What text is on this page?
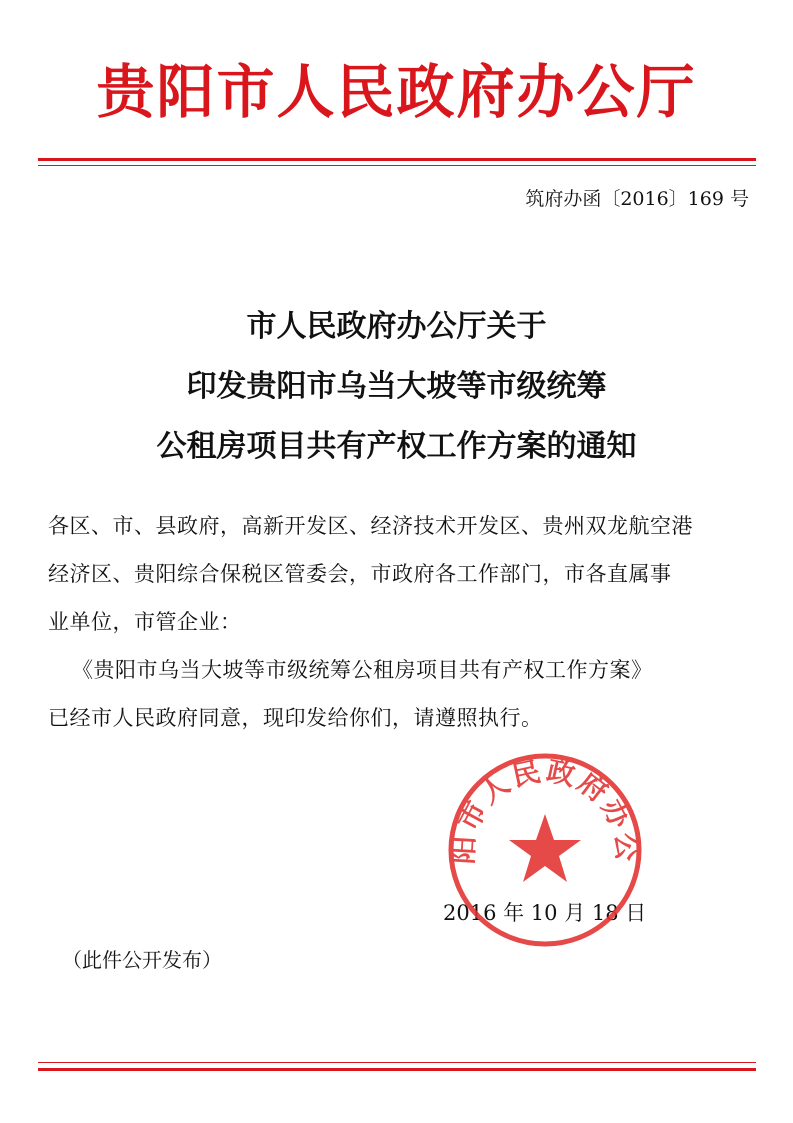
贵阳市人民政府办公厅
筑府办函〔2016〕169 号
市人民政府办公厅关于
印发贵阳市乌当大坡等市级统筹
公租房项目共有产权工作方案的通知
各区、市、县政府，高新开发区、经济技术开发区、贵州双龙航空港
经济区、贵阳综合保税区管委会，市政府各工作部门，市各直属事
业单位，市管企业：
《贵阳市乌当大坡等市级统筹公租房项目共有产权工作方案》
已经市人民政府同意，现印发给你们，请遵照执行。
2016 年 10 月 18 日
阳市人民政府办公
（此件公开发布）
